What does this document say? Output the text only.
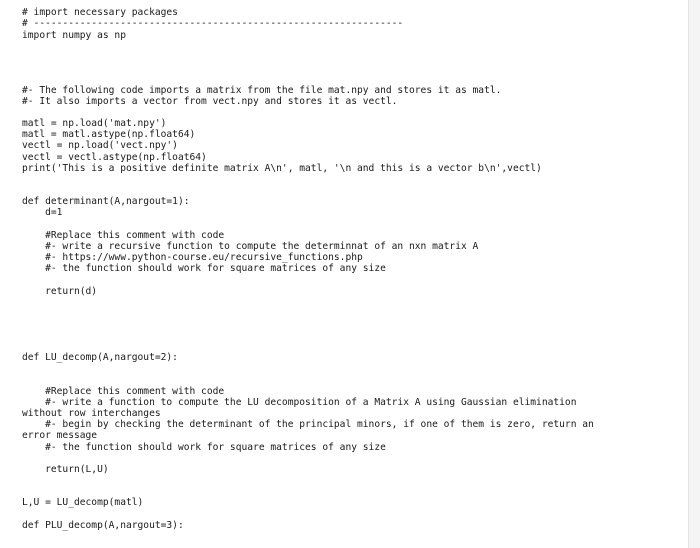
# import necessary packages
# ----------------------------------------------------------------
import numpy as np
#- The following code imports a matrix from the file mat.npy and stores it as matl.
#- It also imports a vector from vect.npy and stores it as vectl.
matl = np.load('mat.npy')
matl = matl.astype(np.float64)
vectl = np.load('vect.npy')
vectl = vectl.astype(np.float64)
print('This is a positive definite matrix A\n', matl, '\n and this is a vector b\n',vectl)
def determinant(A,nargout=1):
d=1
#Replace this comment with code
#- write a recursive function to compute the determinnat of an nxn matrix A
#- https://www.python-course.eu/recursive_functions.php
#- the function should work for square matrices of any size
return(d)
def LU_decomp(A,nargout=2):
#Replace this comment with code
#- write a function to compute the LU decomposition of a Matrix A using Gaussian elimination
without row interchanges
#- begin by checking the determinant of the principal minors, if one of them is zero, return an
error message
#- the function should work for square matrices of any size
return(L,U)
L,U = LU_decomp(matl)
def PLU_decomp(A,nargout=3):
